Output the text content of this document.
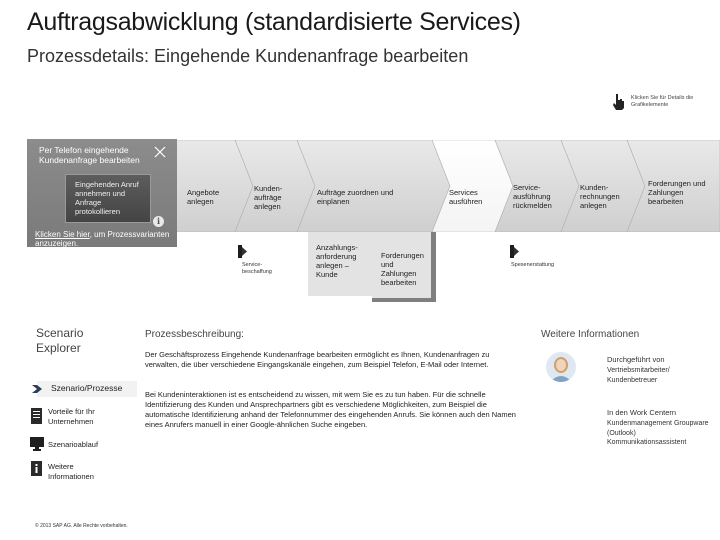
Auftragsabwicklung (standardisierte Services)
Prozessdetails: Eingehende Kundenanfrage bearbeiten
Klicken Sie für Details die Grafikelemente
Angebote anlegen
Kunden-aufträge anlegen
Aufträge zuordnen und einplanen
Services ausführen
Service-ausführung rückmelden
Kunden-rechnungen anlegen
Forderungen und Zahlungen bearbeiten
Anzahlungs-anforderung anlegen – Kunde
Forderungen und Zahlungen bearbeiten
Service-beschaffung
Spesenerstattung
Per Telefon eingehende Kundenanfrage bearbeiten
Eingehenden Anruf annehmen und Anfrage protokollieren
i
Klicken Sie hier, um Prozessvarianten anzuzeigen.
Scenario Explorer
Szenario/Prozesse
Vorteile für Ihr Unternehmen
Szenarioablauf
Weitere Informationen
© 2013 SAP AG. Alle Rechte vorbehalten.
Prozessbeschreibung:
Der Geschäftsprozess Eingehende Kundenanfrage bearbeiten ermöglicht es Ihnen, Kundenanfragen zu verwalten, die über verschiedene Eingangskanäle eingehen, zum Beispiel Telefon, E-Mail oder Internet.
Bei Kundeninteraktionen ist es entscheidend zu wissen, mit wem Sie es zu tun haben. Für die schnelle Identifizierung des Kunden und Ansprechpartners gibt es verschiedene Möglichkeiten, zum Beispiel die automatische Identifizierung anhand der Telefonnummer des eingehenden Anrufs. Sie können auch den Namen eines Anrufers manuell in einer Google-ähnlichen Suche eingeben.
Weitere Informationen
Durchgeführt von
Vertriebsmitarbeiter/ Kundenbetreuer
In den Work Centern
Kundenmanagement Groupware (Outlook) Kommunikationsassistent
